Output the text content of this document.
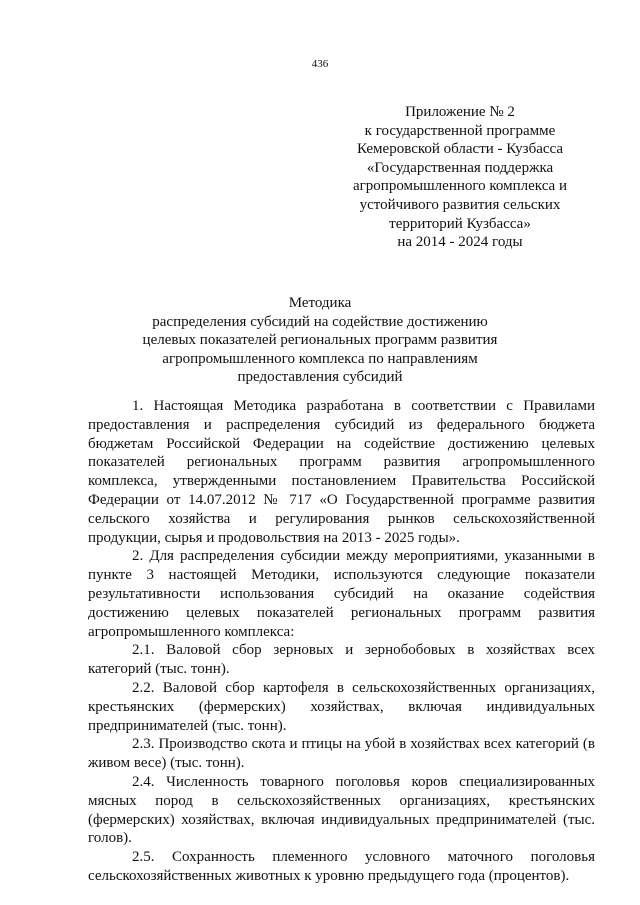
436
Приложение № 2
к государственной программе
Кемеровской области - Кузбасса
«Государственная поддержка
агропромышленного комплекса и
устойчивого развития сельских
территорий Кузбасса»
на 2014 - 2024 годы
Методика
распределения субсидий на содействие достижению
целевых показателей региональных программ развития
агропромышленного комплекса по направлениям
предоставления субсидий

1. Настоящая Методика разработана в соответствии с Правилами предоставления и распределения субсидий из федерального бюджета бюджетам Российской Федерации на содействие достижению целевых показателей региональных программ развития агропромышленного комплекса, утвержденными постановлением Правительства Российской Федерации от 14.07.2012 № 717 «О Государственной программе развития сельского хозяйства и регулирования рынков сельскохозяйственной продукции, сырья и продовольствия на 2013 - 2025 годы».

2. Для распределения субсидии между мероприятиями, указанными в пункте 3 настоящей Методики, используются следующие показатели результативности использования субсидий на оказание содействия достижению целевых показателей региональных программ развития агропромышленного комплекса:

2.1. Валовой сбор зерновых и зернобобовых в хозяйствах всех категорий (тыс. тонн).

2.2. Валовой сбор картофеля в сельскохозяйственных организациях, крестьянских (фермерских) хозяйствах, включая индивидуальных предпринимателей (тыс. тонн).

2.3. Производство скота и птицы на убой в хозяйствах всех категорий (в живом весе) (тыс. тонн).

2.4. Численность товарного поголовья коров специализированных мясных пород в сельскохозяйственных организациях, крестьянских (фермерских) хозяйствах, включая индивидуальных предпринимателей (тыс. голов).

2.5. Сохранность племенного условного маточного поголовья сельскохозяйственных животных к уровню предыдущего года (процентов).
